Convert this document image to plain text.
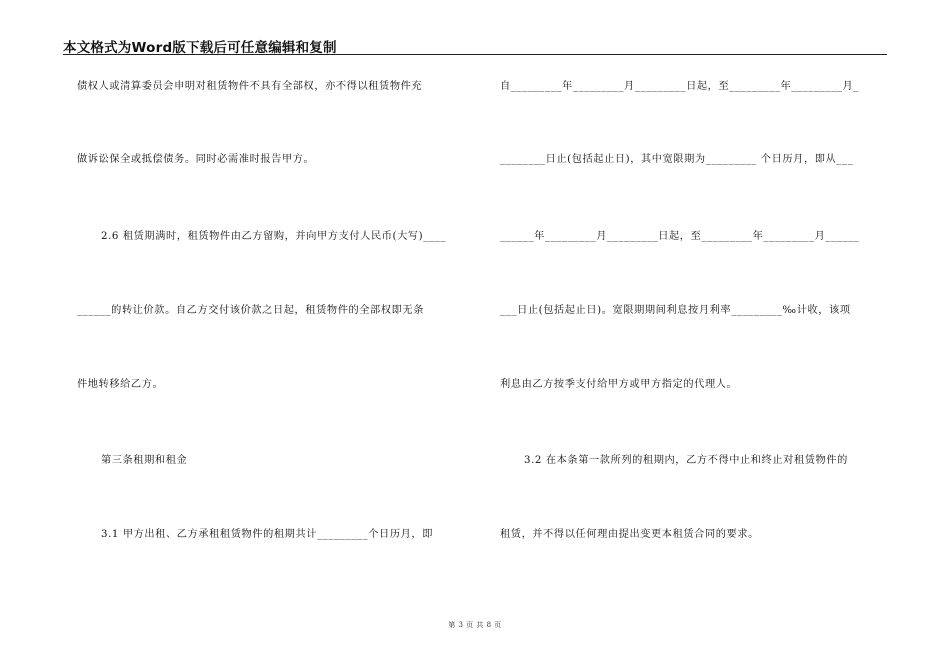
本文格式为Word版下载后可任意编辑和复制
债权人或清算委员会申明对租赁物件不具有全部权，亦不得以租赁物件充
做诉讼保全或抵偿债务。同时必需准时报告甲方。
2.6 租赁期满时，租赁物件由乙方留购，并向甲方支付人民币(大写)____
______的转让价款。自乙方交付该价款之日起，租赁物件的全部权即无条
件地转移给乙方。
第三条租期和租金
3.1 甲方出租、乙方承租租赁物件的租期共计_________个日历月，即
自_________年_________月_________日起，至_________年_________月_
________日止(包括起止日)，其中宽限期为_________ 个日历月，即从___
______年_________月_________日起，至_________年_________月______
___日止(包括起止日)。宽限期期间利息按月利率_________‰计收，该项
利息由乙方按季支付给甲方或甲方指定的代理人。
3.2 在本条第一款所列的租期内，乙方不得中止和终止对租赁物件的
租赁，并不得以任何理由提出变更本租赁合同的要求。
第 3 页 共 8 页
